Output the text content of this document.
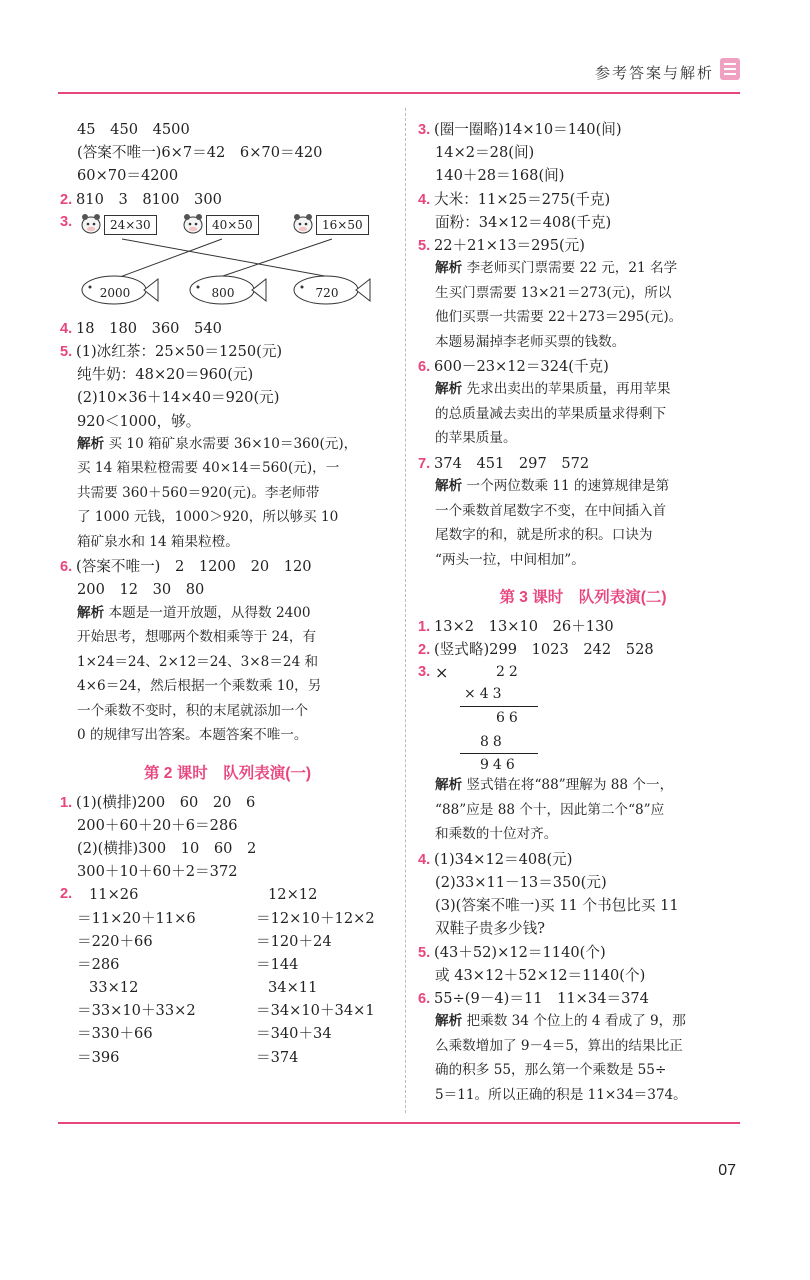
参考答案与解析
07
45　450　4500
(答案不唯一)6×7＝42　6×70＝420
60×70＝4200
2. 810　3　8100　300
3.	24×30	40×50	16×50
2000	800	720
4. 18　180　360　540
5. (1)冰红茶：25×50＝1250(元)
纯牛奶：48×20＝960(元)
(2)10×36＋14×40＝920(元)
920＜1000，够。
解析 买 10 箱矿泉水需要 36×10＝360(元)，
买 14 箱果粒橙需要 40×14＝560(元)，一
共需要 360＋560＝920(元)。李老师带
了 1000 元钱，1000＞920，所以够买 10
箱矿泉水和 14 箱果粒橙。
6. (答案不唯一)　2　1200　20　120
200　12　30　80
解析 本题是一道开放题，从得数 2400
开始思考，想哪两个数相乘等于 24，有
1×24＝24、2×12＝24、3×8＝24 和
4×6＝24，然后根据一个乘数乘 10，另
一个乘数不变时，积的末尾就添加一个
0 的规律写出答案。本题答案不唯一。
第 2 课时　队列表演(一)
1. (1)(横排)200　60　20　6
200＋60＋20＋6＝286
(2)(横排)300　10　60　2
300＋10＋60＋2＝372
2.	11×26
＝11×20＋11×6
＝220＋66
＝286
33×12
＝33×10＋33×2
＝330＋66
＝396
12×12
＝12×10＋12×2
＝120＋24
＝144
34×11
＝34×10＋34×1
＝340＋34
＝374
3. (圈一圈略)14×10＝140(间)
14×2＝28(间)
140＋28＝168(间)
4. 大米：11×25＝275(千克)
面粉：34×12＝408(千克)
5. 22＋21×13＝295(元)
解析 李老师买门票需要 22 元，21 名学
生买门票需要 13×21＝273(元)，所以
他们买票一共需要 22＋273＝295(元)。
本题易漏掉李老师买票的钱数。
6. 600－23×12＝324(千克)
解析 先求出卖出的苹果质量，再用苹果
的总质量减去卖出的苹果质量求得剩下
的苹果质量。
7. 374　451　297　572
解析 一个两位数乘 11 的速算规律是第
一个乘数首尾数字不变，在中间插入首
尾数字的和，就是所求的积。口诀为
“两头一拉，中间相加”。
第 3 课时　队列表演(二)
1. 13×2　13×10　26＋130
2. (竖式略)299　1023　242　528
3. ×	22
×43
66
88
946
解析 竖式错在将“88”理解为 88 个一，
“88”应是 88 个十，因此第二个“8”应
和乘数的十位对齐。
4. (1)34×12＝408(元)
(2)33×11－13＝350(元)
(3)(答案不唯一)买 11 个书包比买 11
双鞋子贵多少钱?
5. (43＋52)×12＝1140(个)
或 43×12＋52×12＝1140(个)
6. 55÷(9－4)＝11　11×34＝374
解析 把乘数 34 个位上的 4 看成了 9，那
么乘数增加了 9－4＝5，算出的结果比正
确的积多 55，那么第一个乘数是 55÷
5＝11。所以正确的积是 11×34＝374。
